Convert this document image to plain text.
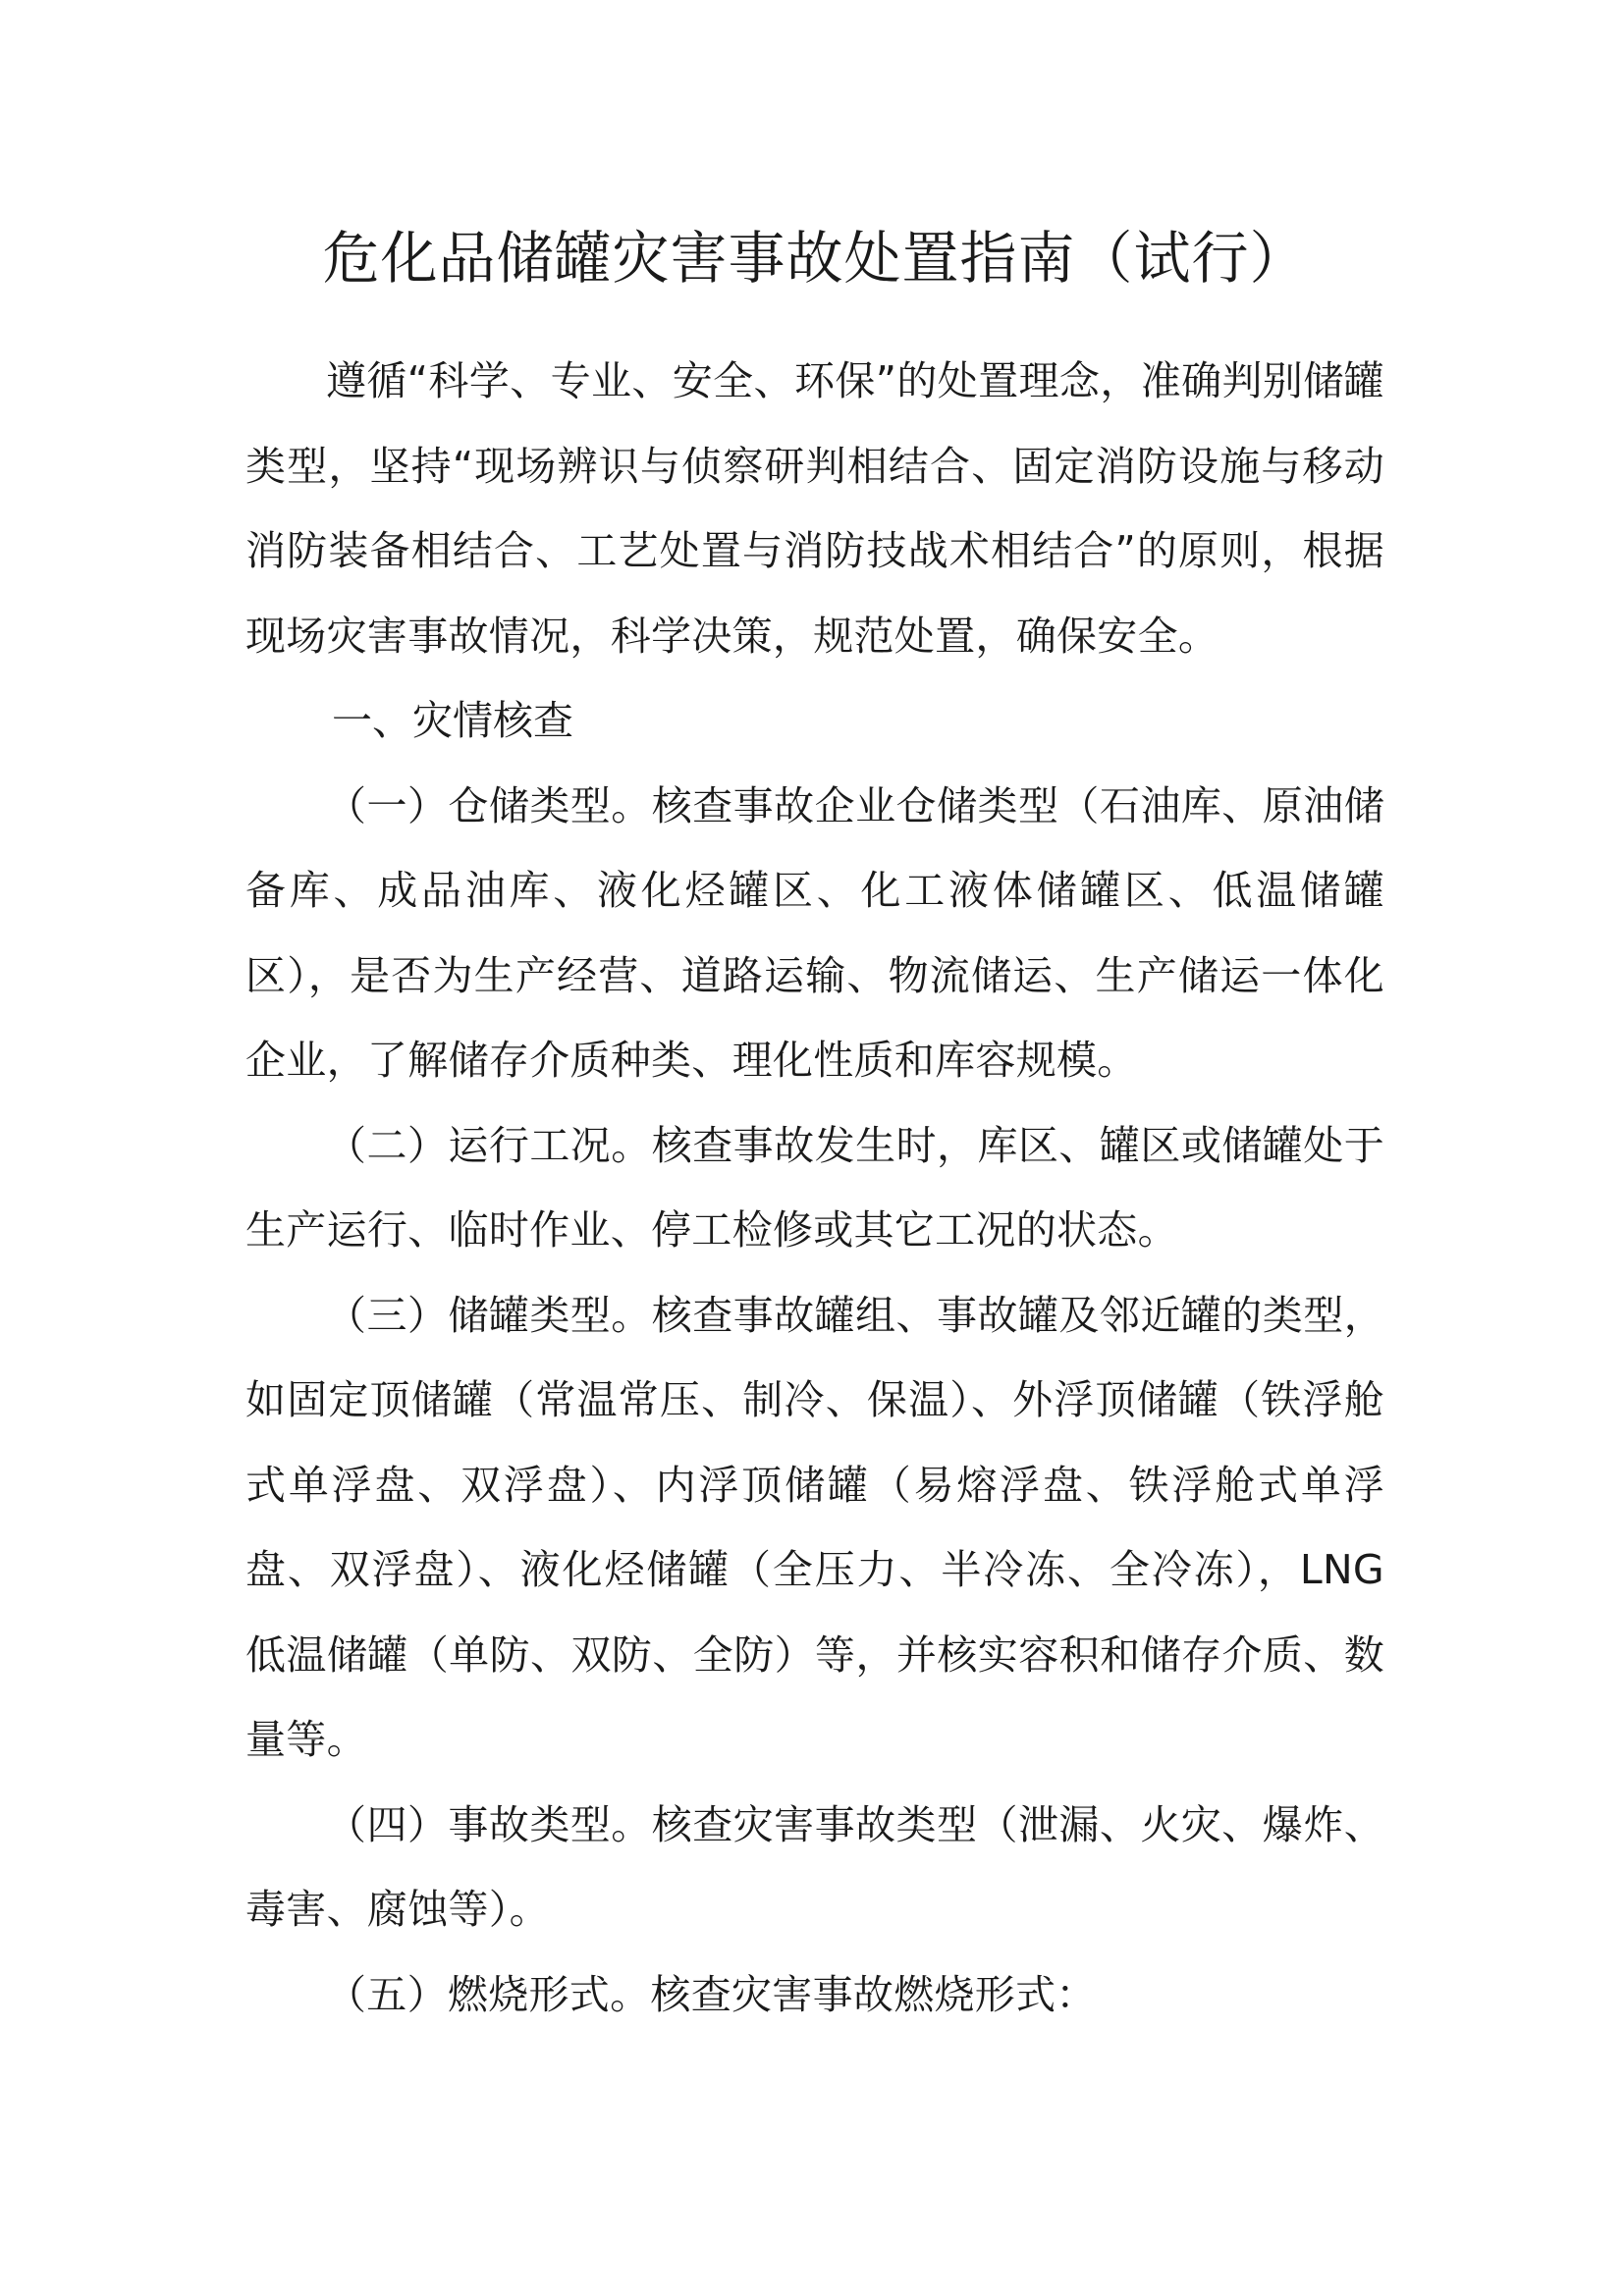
危化品储罐灾害事故处置指南（试行）

遵循“科学、专业、安全、环保”的处置理念，准确判别储罐类型，坚持“现场辨识与侦察研判相结合、固定消防设施与移动消防装备相结合、工艺处置与消防技战术相结合”的原则，根据现场灾害事故情况，科学决策，规范处置，确保安全。

一、灾情核查

（一）仓储类型。核查事故企业仓储类型（石油库、原油储备库、成品油库、液化烃罐区、化工液体储罐区、低温储罐区），是否为生产经营、道路运输、物流储运、生产储运一体化企业，了解储存介质种类、理化性质和库容规模。

（二）运行工况。核查事故发生时，库区、罐区或储罐处于生产运行、临时作业、停工检修或其它工况的状态。

（三）储罐类型。核查事故罐组、事故罐及邻近罐的类型，如固定顶储罐（常温常压、制冷、保温）、外浮顶储罐（铁浮舱式单浮盘、双浮盘）、内浮顶储罐（易熔浮盘、铁浮舱式单浮盘、双浮盘）、液化烃储罐（全压力、半冷冻、全冷冻），LNG低温储罐（单防、双防、全防）等，并核实容积和储存介质、数量等。

（四）事故类型。核查灾害事故类型（泄漏、火灾、爆炸、毒害、腐蚀等）。

（五）燃烧形式。核查灾害事故燃烧形式：
